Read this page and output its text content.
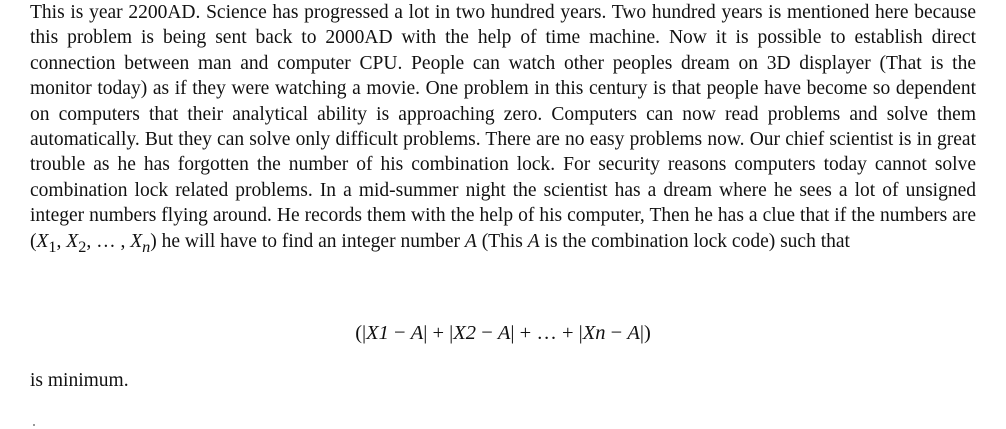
This is year 2200AD. Science has progressed a lot in two hundred years. Two hundred years is mentioned here because this problem is being sent back to 2000AD with the help of time machine. Now it is possible to establish direct connection between man and computer CPU. People can watch other peoples dream on 3D displayer (That is the monitor today) as if they were watching a movie. One problem in this century is that people have become so dependent on computers that their analytical ability is approaching zero. Computers can now read problems and solve them automatically. But they can solve only difficult problems. There are no easy problems now. Our chief scientist is in great trouble as he has forgotten the number of his combination lock. For security reasons computers today cannot solve combination lock related problems. In a mid-summer night the scientist has a dream where he sees a lot of unsigned integer numbers flying around. He records them with the help of his computer, Then he has a clue that if the numbers are ($X_1$, $X_2$, … , $X_n$) he will have to find an integer number A (This A is the combination lock code) such that

(|X1 − A| + |X2 − A| + … + |Xn − A|)

is minimum.
